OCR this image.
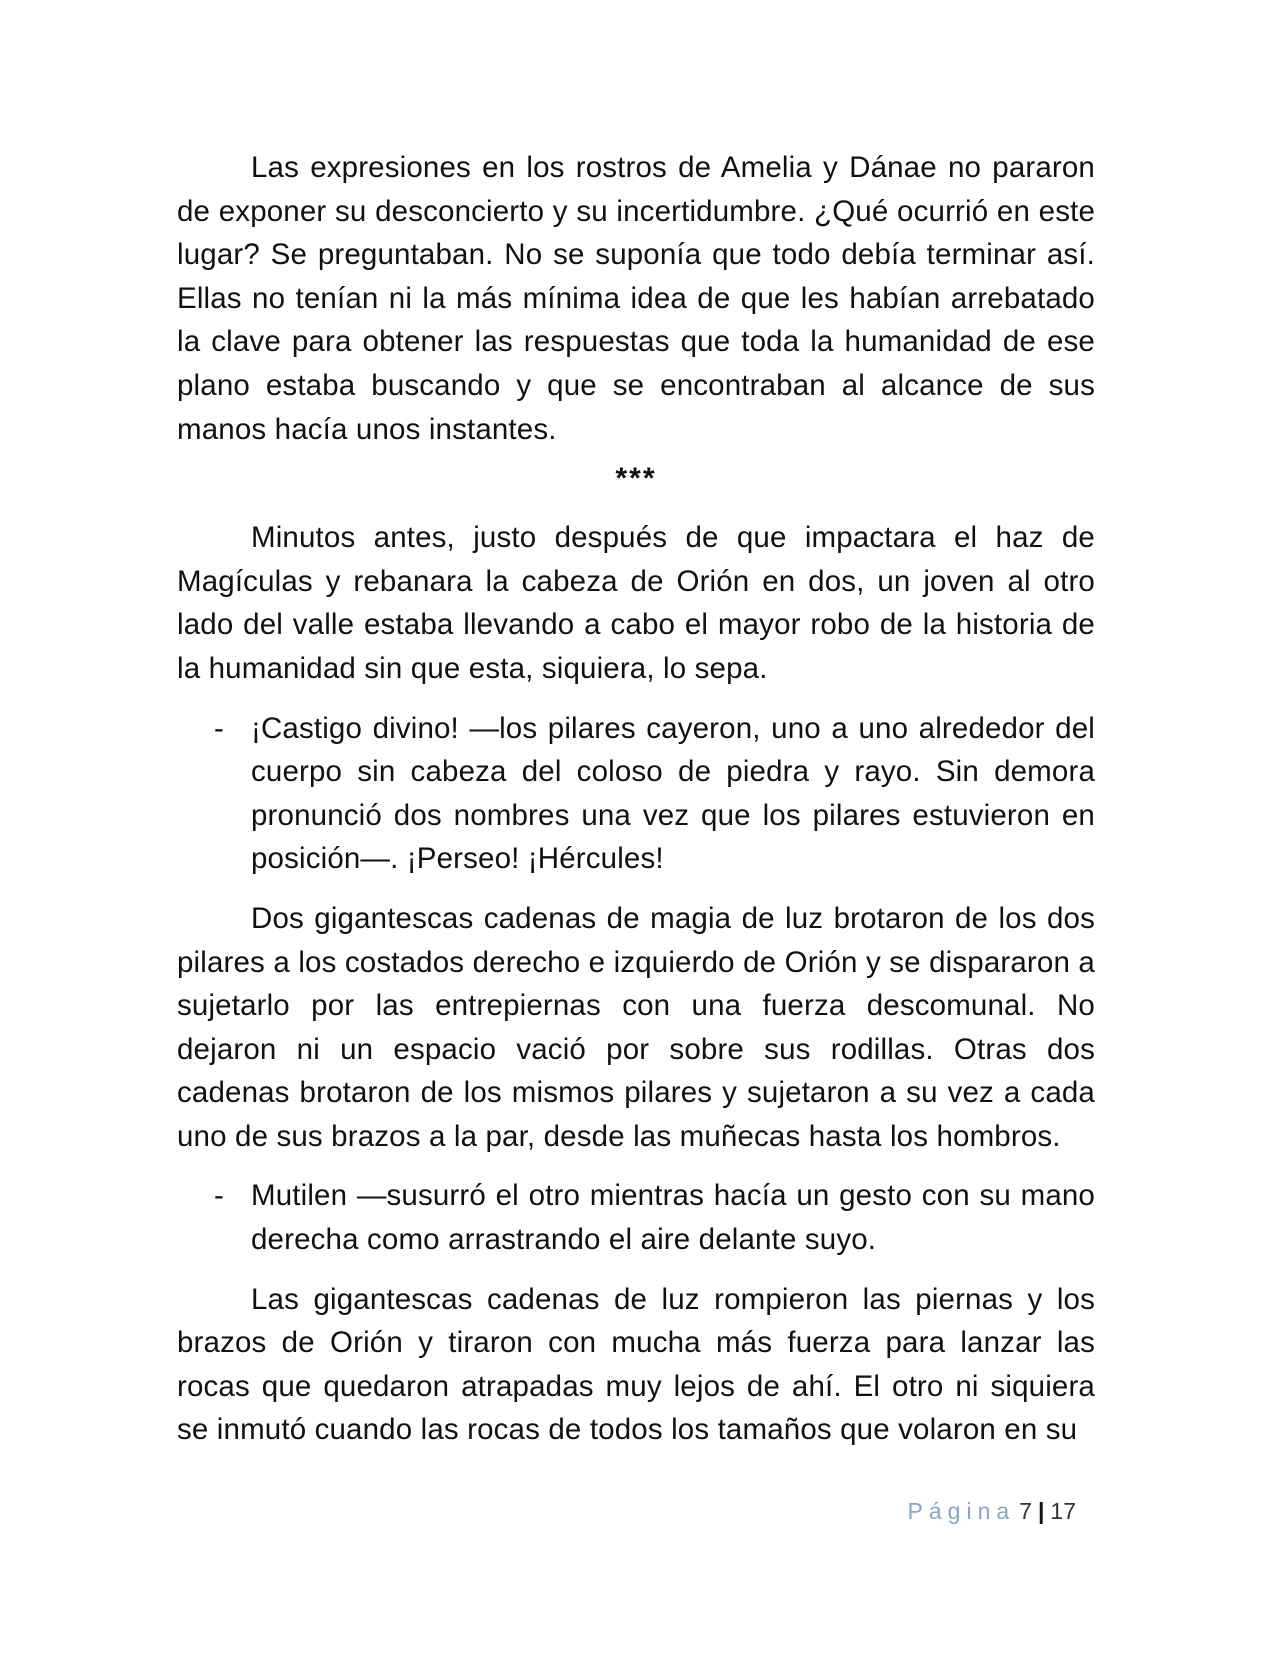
Las expresiones en los rostros de Amelia y Dánae no pararon de exponer su desconcierto y su incertidumbre. ¿Qué ocurrió en este lugar? Se preguntaban. No se suponía que todo debía terminar así. Ellas no tenían ni la más mínima idea de que les habían arrebatado la clave para obtener las respuestas que toda la humanidad de ese plano estaba buscando y que se encontraban al alcance de sus manos hacía unos instantes.

***

Minutos antes, justo después de que impactara el haz de Magículas y rebanara la cabeza de Orión en dos, un joven al otro lado del valle estaba llevando a cabo el mayor robo de la historia de la humanidad sin que esta, siquiera, lo sepa.

- ¡Castigo divino! —los pilares cayeron, uno a uno alrededor del cuerpo sin cabeza del coloso de piedra y rayo. Sin demora pronunció dos nombres una vez que los pilares estuvieron en posición—. ¡Perseo! ¡Hércules!

Dos gigantescas cadenas de magia de luz brotaron de los dos pilares a los costados derecho e izquierdo de Orión y se dispararon a sujetarlo por las entrepiernas con una fuerza descomunal. No dejaron ni un espacio vació por sobre sus rodillas. Otras dos cadenas brotaron de los mismos pilares y sujetaron a su vez a cada uno de sus brazos a la par, desde las muñecas hasta los hombros.

- Mutilen —susurró el otro mientras hacía un gesto con su mano derecha como arrastrando el aire delante suyo.

Las gigantescas cadenas de luz rompieron las piernas y los brazos de Orión y tiraron con mucha más fuerza para lanzar las rocas que quedaron atrapadas muy lejos de ahí. El otro ni siquiera se inmutó cuando las rocas de todos los tamaños que volaron en su

Página 7 | 17
